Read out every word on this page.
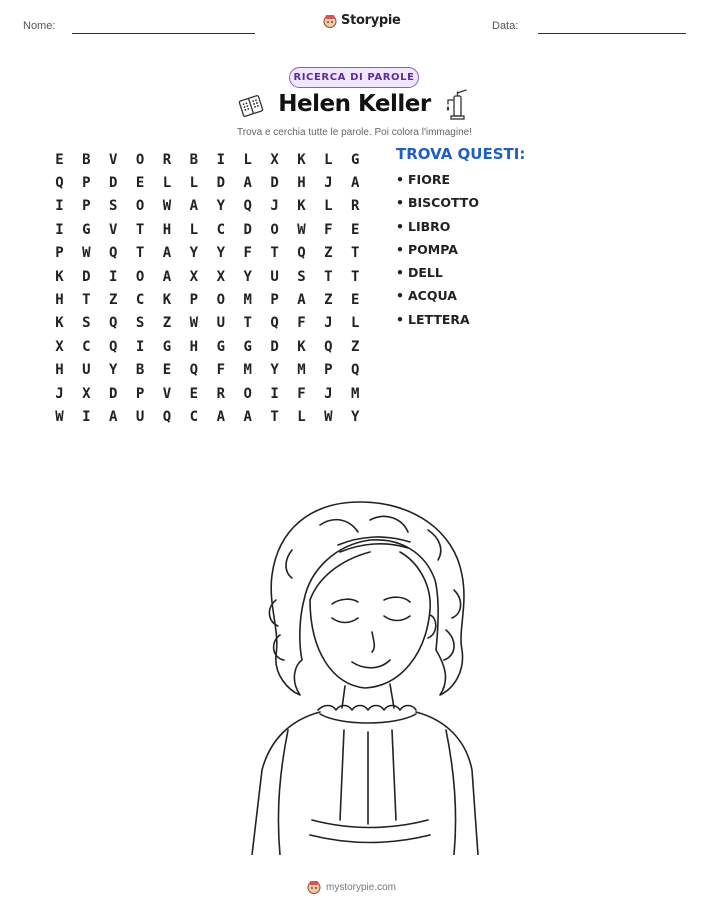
Nome:	Storypie	Data:
RICERCA DI PAROLE
Helen Keller
Trova e cerchia tutte le parole. Poi colora l'immagine!
E	B	V	O	R	B	I	L	X	K	L	G
Q	P	D	E	L	L	D	A	D	H	J	A
I	P	S	O	W	A	Y	Q	J	K	L	R
I	G	V	T	H	L	C	D	O	W	F	E
P	W	Q	T	A	Y	Y	F	T	Q	Z	T
K	D	I	O	A	X	X	Y	U	S	T	T
H	T	Z	C	K	P	O	M	P	A	Z	E
K	S	Q	S	Z	W	U	T	Q	F	J	L
X	C	Q	I	G	H	G	G	D	K	Q	Z
H	U	Y	B	E	Q	F	M	Y	M	P	Q
J	X	D	P	V	E	R	O	I	F	J	M
W	I	A	U	Q	C	A	A	T	L	W	Y
TROVA QUESTI:
• FIORE
• BISCOTTO
• LIBRO
• POMPA
• DELL
• ACQUA
• LETTERA
mystorypie.com
